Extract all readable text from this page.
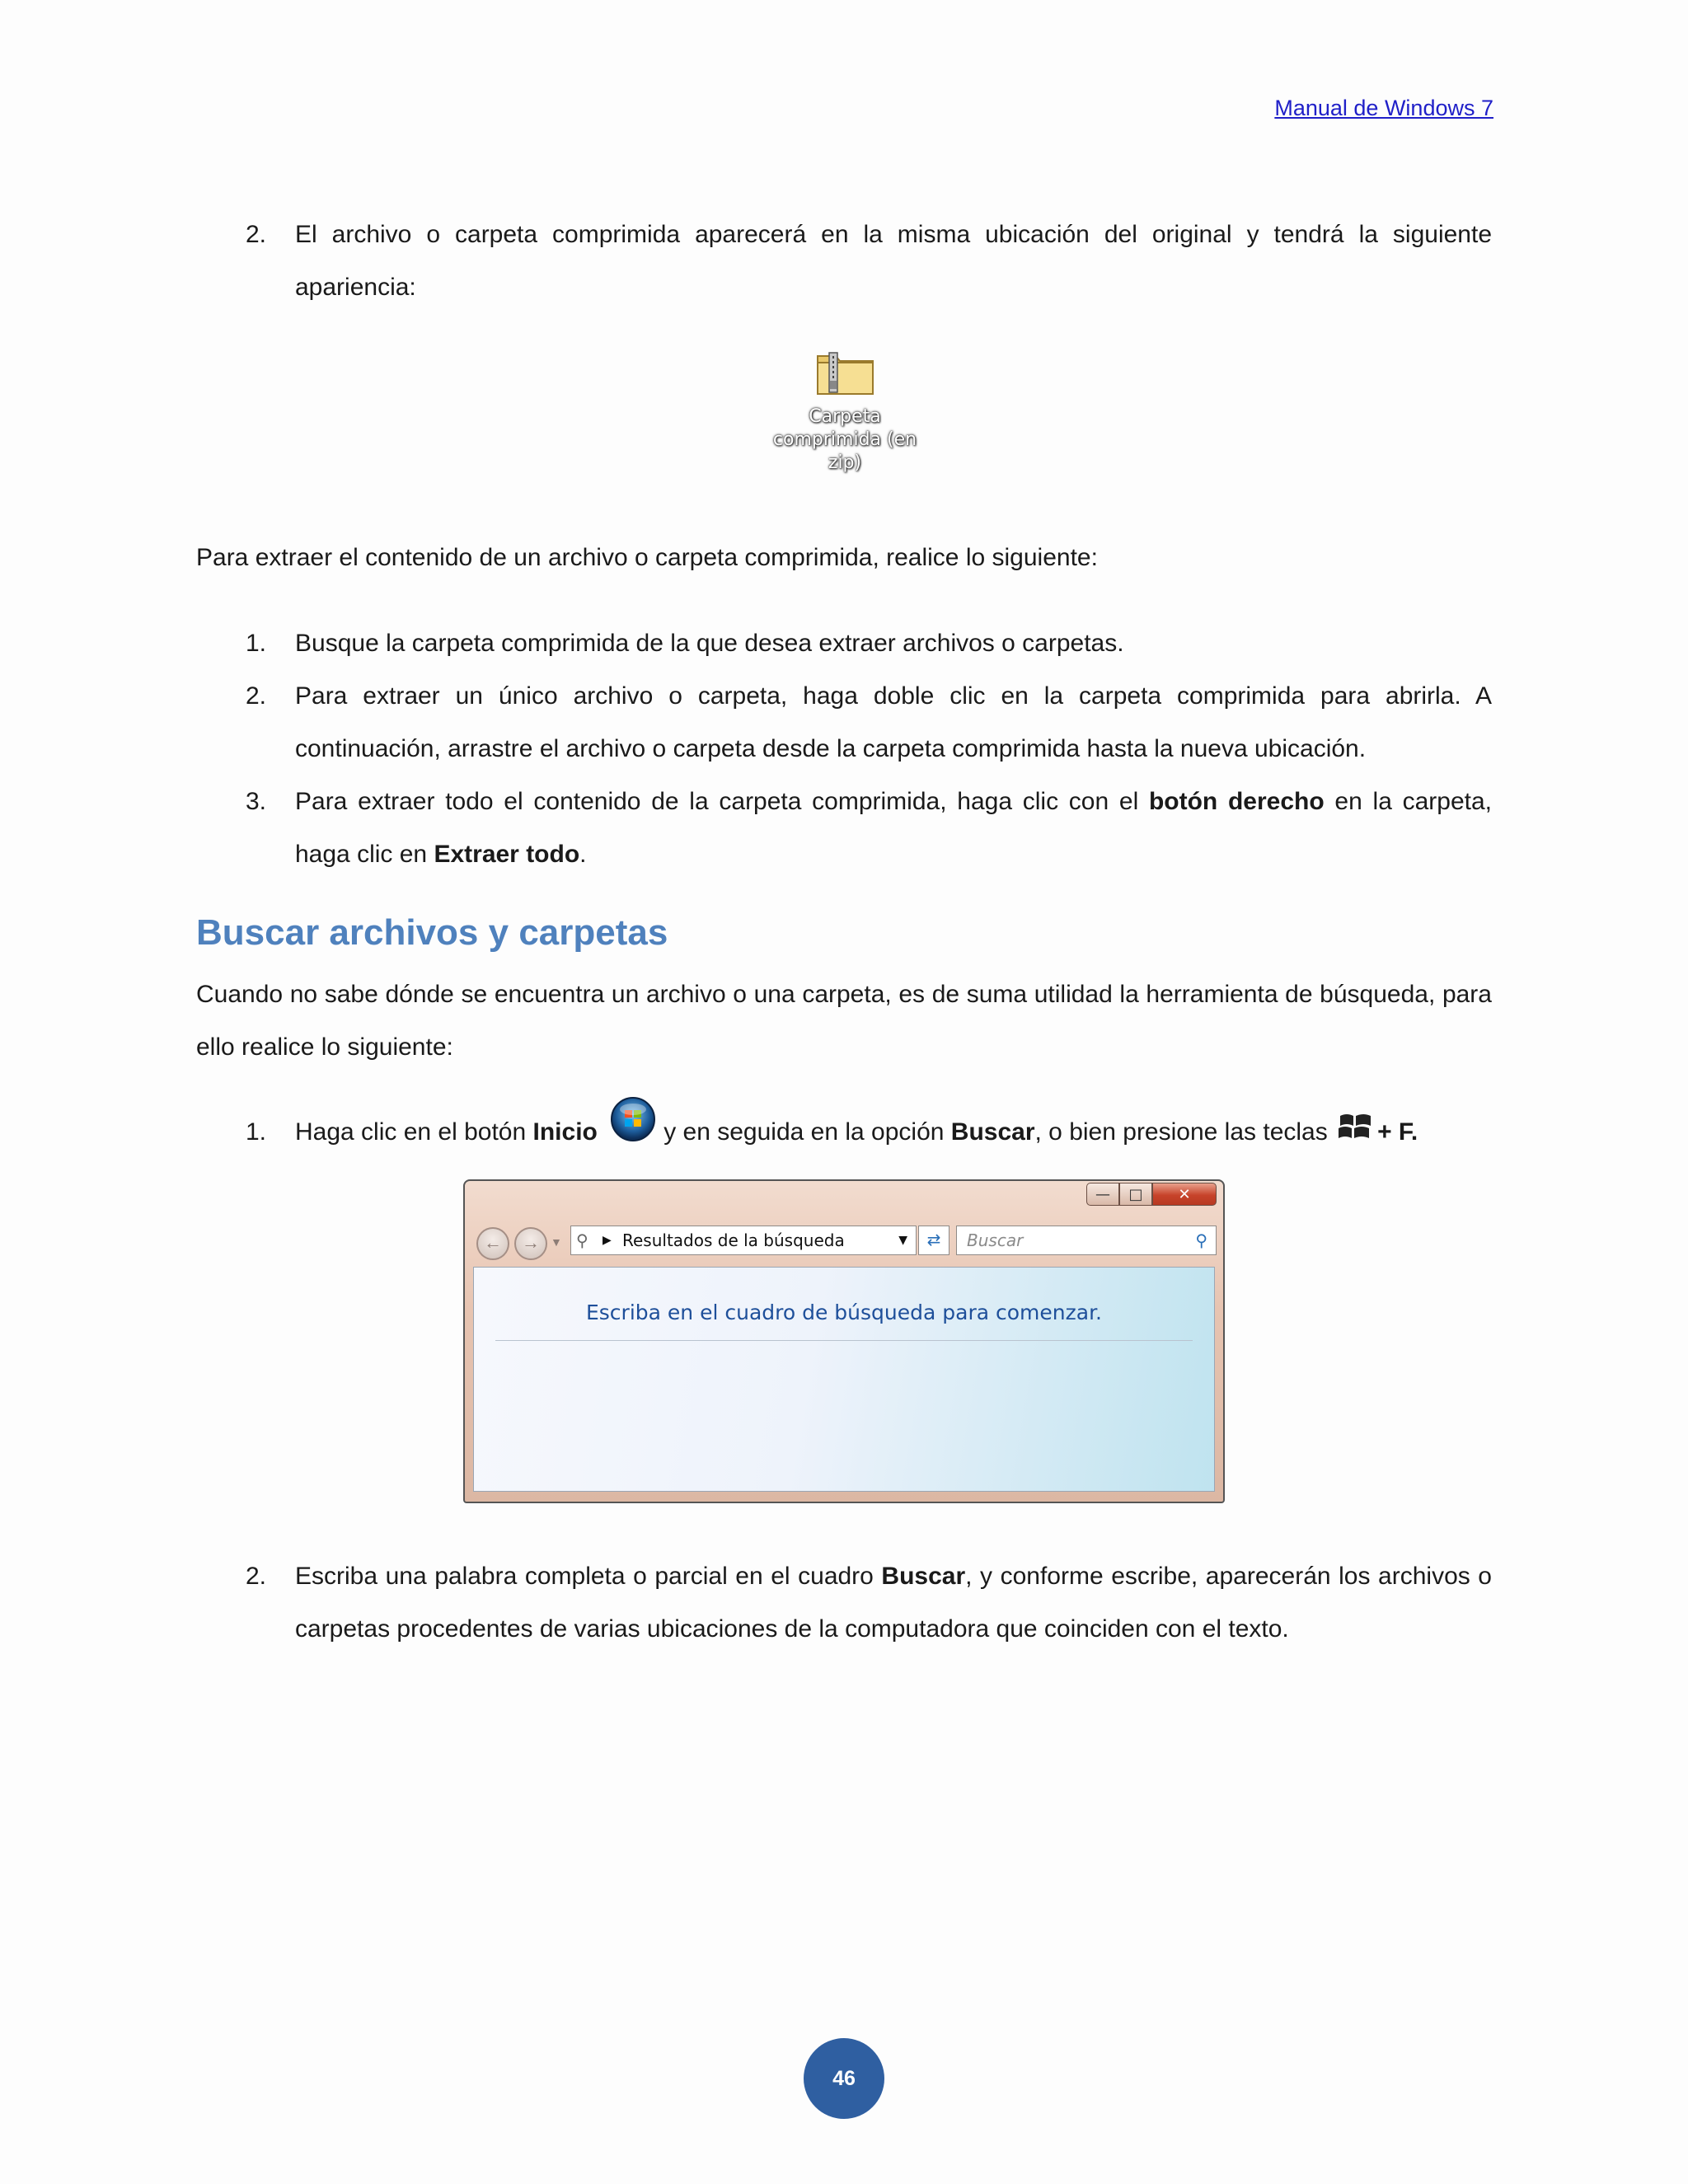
Manual de Windows 7
2. El archivo o carpeta comprimida aparecerá en la misma ubicación del original y tendrá la siguiente

apariencia:

Carpeta comprimida (en zip)

Para extraer el contenido de un archivo o carpeta comprimida, realice lo siguiente:

1. Busque la carpeta comprimida de la que desea extraer archivos o carpetas.

2. Para extraer un único archivo o carpeta, haga doble clic en la carpeta comprimida para abrirla. A

continuación, arrastre el archivo o carpeta desde la carpeta comprimida hasta la nueva ubicación.

3. Para extraer todo el contenido de la carpeta comprimida, haga clic con el botón derecho en la carpeta,

haga clic en Extraer todo.

Buscar archivos y carpetas

Cuando no sabe dónde se encuentra un archivo o una carpeta, es de suma utilidad la herramienta de búsqueda, para

ello realice lo siguiente:

1. Haga clic en el botón Inicio y en seguida en la opción Buscar, o bien presione las teclas + F.

— □ ✕
←	→ ▼ ⚲ ▶ Resultados de la búsqueda	▼	⇄	Buscar	⚲
Escriba en el cuadro de búsqueda para comenzar.
2. Escriba una palabra completa o parcial en el cuadro Buscar, y conforme escribe, aparecerán los archivos o

carpetas procedentes de varias ubicaciones de la computadora que coinciden con el texto.

46
